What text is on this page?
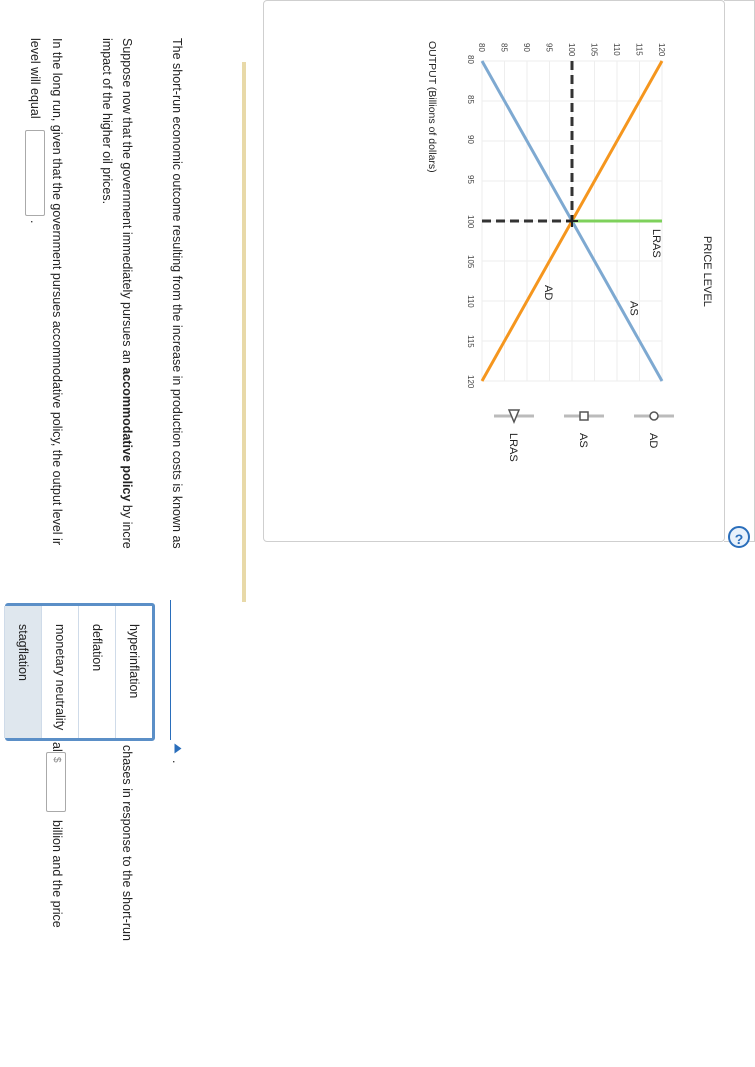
?
PRICE LEVEL
OUTPUT (Billions of dollars)	80
80
85
85
90
90
95
95
100
100
105
105
110
110
115
115
120
120
LRAS
AS
AD
AD
AS
LRAS
The short-run economic outcome resulting from the increase in production costs is known as
.
Suppose now that the government immediately pursues an accommodative policy by incre
chases in response to the short-run
impact of the higher oil prices.
In the long run, given that the government pursues accommodative policy, the output level ir
al
$
billion and the price
level will equal
.
hyperinflation
deflation
monetary neutrality
stagflation
